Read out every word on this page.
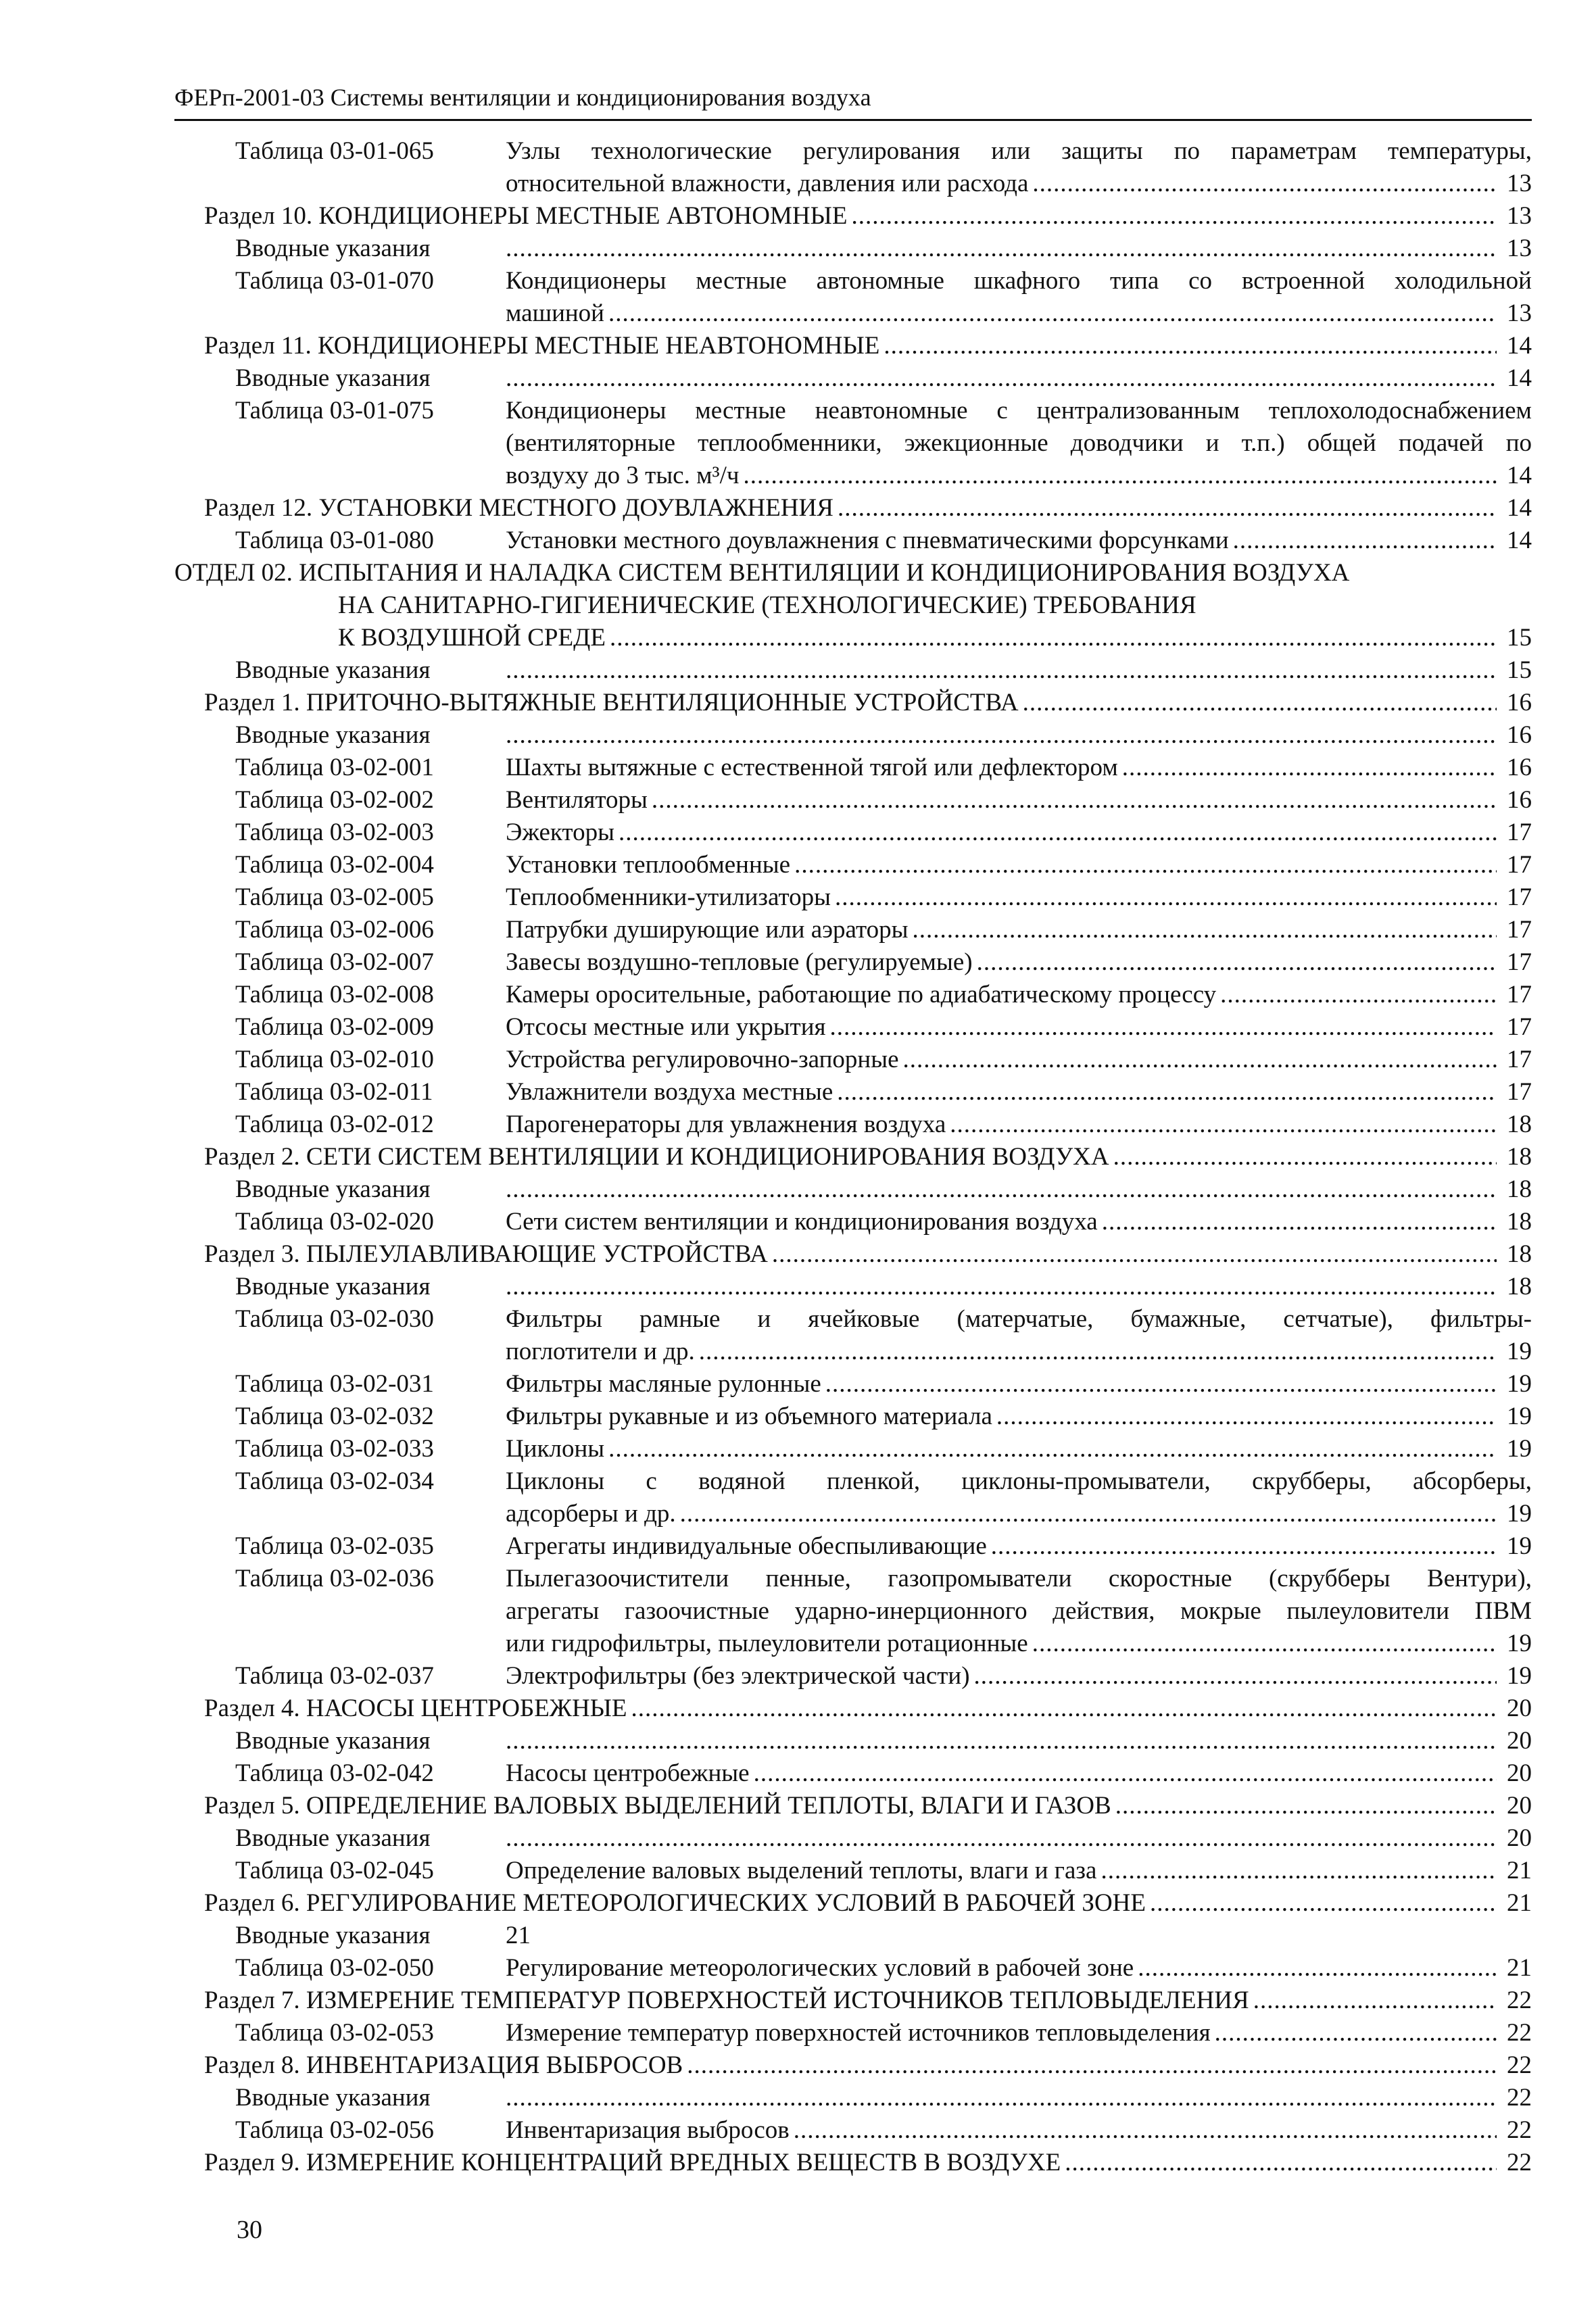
ФЕРп-2001-03 Системы вентиляции и кондиционирования воздуха
Таблица 03-01-065	Узлы технологические регулирования или защиты по параметрам температуры,
относительной влажности, давления или расхода	13
.....
Раздел 10. КОНДИЦИОНЕРЫ МЕСТНЫЕ АВТОНОМНЫЕ	13
.....
Вводные указания	13
.....
Таблица 03-01-070	Кондиционеры местные автономные шкафного типа со встроенной холодильной
машиной	13
.....
Раздел 11. КОНДИЦИОНЕРЫ МЕСТНЫЕ НЕАВТОНОМНЫЕ	14
.....
Вводные указания	14
.....
Таблица 03-01-075	Кондиционеры местные неавтономные с централизованным теплохолодоснабжением
(вентиляторные теплообменники, эжекционные доводчики и т.п.) общей подачей по
воздуху до 3 тыс. м³/ч	14
.....
Раздел 12. УСТАНОВКИ МЕСТНОГО ДОУВЛАЖНЕНИЯ	14
.....
Таблица 03-01-080	Установки местного доувлажнения с пневматическими форсунками	14
.....
ОТДЕЛ 02. ИСПЫТАНИЯ И НАЛАДКА СИСТЕМ ВЕНТИЛЯЦИИ И КОНДИЦИОНИРОВАНИЯ ВОЗДУХА
НА САНИТАРНО-ГИГИЕНИЧЕСКИЕ (ТЕХНОЛОГИЧЕСКИЕ) ТРЕБОВАНИЯ
К ВОЗДУШНОЙ СРЕДЕ	15
.....
Вводные указания	15
.....
Раздел 1. ПРИТОЧНО-ВЫТЯЖНЫЕ ВЕНТИЛЯЦИОННЫЕ УСТРОЙСТВА	16
.....
Вводные указания	16
.....
Таблица 03-02-001	Шахты вытяжные с естественной тягой или дефлектором	16
.....
Таблица 03-02-002	Вентиляторы	16
.....
Таблица 03-02-003	Эжекторы	17
.....
Таблица 03-02-004	Установки теплообменные	17
.....
Таблица 03-02-005	Теплообменники-утилизаторы	17
.....
Таблица 03-02-006	Патрубки душирующие или аэраторы	17
.....
Таблица 03-02-007	Завесы воздушно-тепловые (регулируемые)	17
.....
Таблица 03-02-008	Камеры оросительные, работающие по адиабатическому процессу	17
.....
Таблица 03-02-009	Отсосы местные или укрытия	17
.....
Таблица 03-02-010	Устройства регулировочно-запорные	17
.....
Таблица 03-02-011	Увлажнители воздуха местные	17
.....
Таблица 03-02-012	Парогенераторы для увлажнения воздуха	18
.....
Раздел 2. СЕТИ СИСТЕМ ВЕНТИЛЯЦИИ И КОНДИЦИОНИРОВАНИЯ ВОЗДУХА	18
.....
Вводные указания	18
.....
Таблица 03-02-020	Сети систем вентиляции и кондиционирования воздуха	18
.....
Раздел 3. ПЫЛЕУЛАВЛИВАЮЩИЕ УСТРОЙСТВА	18
.....
Вводные указания	18
.....
Таблица 03-02-030	Фильтры рамные и ячейковые (матерчатые, бумажные, сетчатые), фильтры-
поглотители и др.	19
.....
Таблица 03-02-031	Фильтры масляные рулонные	19
.....
Таблица 03-02-032	Фильтры рукавные и из объемного материала	19
.....
Таблица 03-02-033	Циклоны	19
.....
Таблица 03-02-034	Циклоны с водяной пленкой, циклоны-промыватели, скрубберы, абсорберы,
адсорберы и др.	19
.....
Таблица 03-02-035	Агрегаты индивидуальные обеспыливающие	19
.....
Таблица 03-02-036	Пылегазоочистители пенные, газопромыватели скоростные (скрубберы Вентури),
агрегаты газоочистные ударно-инерционного действия, мокрые пылеуловители ПВМ
или гидрофильтры, пылеуловители ротационные	19
.....
Таблица 03-02-037	Электрофильтры (без электрической части)	19
.....
Раздел 4. НАСОСЫ ЦЕНТРОБЕЖНЫЕ	20
.....
Вводные указания	20
.....
Таблица 03-02-042	Насосы центробежные	20
.....
Раздел 5. ОПРЕДЕЛЕНИЕ ВАЛОВЫХ ВЫДЕЛЕНИЙ ТЕПЛОТЫ, ВЛАГИ И ГАЗОВ	20
.....
Вводные указания	20
.....
Таблица 03-02-045	Определение валовых выделений теплоты, влаги и газа	21
.....
Раздел 6. РЕГУЛИРОВАНИЕ МЕТЕОРОЛОГИЧЕСКИХ УСЛОВИЙ В РАБОЧЕЙ ЗОНЕ	21
.....
Вводные указания	21
Таблица 03-02-050	Регулирование метеорологических условий в рабочей зоне	21
.....
Раздел 7. ИЗМЕРЕНИЕ ТЕМПЕРАТУР ПОВЕРХНОСТЕЙ ИСТОЧНИКОВ ТЕПЛОВЫДЕЛЕНИЯ	22
.....
Таблица 03-02-053	Измерение температур поверхностей источников тепловыделения	22
.....
Раздел 8. ИНВЕНТАРИЗАЦИЯ ВЫБРОСОВ	22
.....
Вводные указания	22
.....
Таблица 03-02-056	Инвентаризация выбросов	22
.....
Раздел 9. ИЗМЕРЕНИЕ КОНЦЕНТРАЦИЙ ВРЕДНЫХ ВЕЩЕСТВ В ВОЗДУХЕ	22
.....
30
